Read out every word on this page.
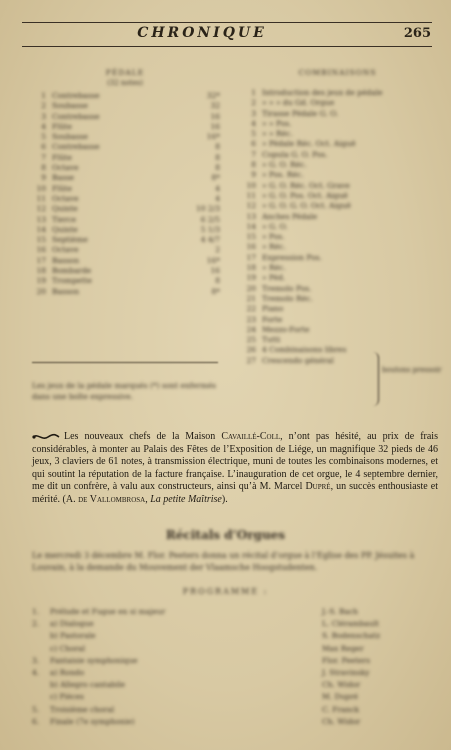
CHRONIQUE	265
PÉDALE
(32 notes)
1 Contrebasse	32*
2 Soubasse	32
3 Contrebasse	16
4 Flûte	16
5 Soubasse	16*
6 Contrebasse	8
7 Flûte	8
8 Octave	8
9 Basse	8*
10 Flûte	4
11 Octave	4
12 Quinte	10 2/3
13 Tierce	6 2/5
14 Quinte	5 1/3
15 Septième	4 4/7
16 Octave	2
17 Basson	16*
18 Bombarde	16
19 Trompette	8
20 Basson	8*
Les jeux de la pédale marqués (*) sont enfermés dans une boîte expressive.
COMBINAISONS
1 Introduction des jeux de pédale
2 » » » du Gd. Orgue
3 Tirasse Pédale G. O.
4 » » Pos.
5 » » Réc.
6 » Pédale Réc. Oct. Aiguë
7 Copula G. O. Pos.
8 » G. O. Réc.
9 » Pos. Réc.
10 » G. O. Réc. Oct. Grave
11 » G. O. Pos. Oct. Aiguë
12 » G. O. G. O. Oct. Aiguë
13 Anches Pédale
14 » G. O.
15 » Pos.
16 » Réc.
17 Expression Pos.
18 » Réc.
19 » Péd.
20 Tremolo Pos.
21 Tremolo Réc.
22 Piano
23 Forte
24 Mezzo-Forte
25 Tutti
26 4 Combinaisons libres
27 Crescendo général
boutons pressoir
Les nouveaux chefs de la Maison Cavaillé-Coll, n’ont pas hésité, au prix de frais considérables, à monter au Palais des Fêtes de l’Exposition de Liége, un magnifique 32 pieds de 46 jeux, 3 claviers de 61 notes, à transmission électrique, muni de toutes les combinaisons modernes, et qui soutint la réputation de la facture française. L’inauguration de cet orgue, le 4 septembre dernier, me dit un confrère, à valu aux constructeurs, ainsi qu’à M. Marcel Dupré, un succès enthousiaste et mérité. (A. de Vallombrosa, La petite Maîtrise).
Récitals d’Orgues
Le mercredi 3 décembre M. Flor. Peeters donna un récital d’orgue à l’Église des PP. Jésuites à Louvain, à la demande du Mouvement der Vlaamsche Hoogstudenten.
PROGRAMME :
1.	Prélude et Fugue en si majeur	J.-S. Bach
2.	a) Dialogue	L. Clérambault
b) Pastorale	S. Bodenschatz
c) Choral	Max Reger
3.	Fantaisie symphonique	Flor. Peeters
4.	a) Rondo	J. Stravinsky
b) Allegro cantabile	Ch. Widor
c) Pièces	M. Dupré
5.	Troisième choral	C. Franck
6.	Finale (7e symphonie)	Ch. Widor
